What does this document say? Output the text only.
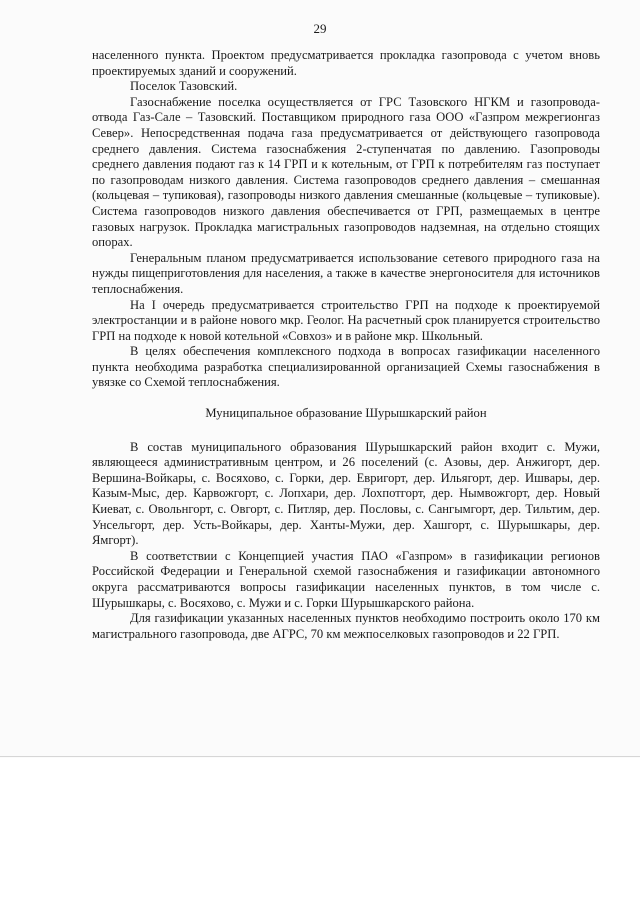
29

населенного пункта. Проектом предусматривается прокладка газопровода с учетом вновь проектируемых зданий и сооружений.

Поселок Тазовский.

Газоснабжение поселка осуществляется от ГРС Тазовского НГКМ и газопровода-отвода Газ-Сале – Тазовский. Поставщиком природного газа ООО «Газпром межрегионгаз Север». Непосредственная подача газа предусматривается от действующего газопровода среднего давления. Система газоснабжения 2-ступенчатая по давлению. Газопроводы среднего давления подают газ к 14 ГРП и к котельным, от ГРП к потребителям газ поступает по газопроводам низкого давления. Система газопроводов среднего давления – смешанная (кольцевая – тупиковая), газопроводы низкого давления смешанные (кольцевые – тупиковые). Система газопроводов низкого давления обеспечивается от ГРП, размещаемых в центре газовых нагрузок. Прокладка магистральных газопроводов надземная, на отдельно стоящих опорах.

Генеральным планом предусматривается использование сетевого природного газа на нужды пищеприготовления для населения, а также в качестве энергоносителя для источников теплоснабжения.

На I очередь предусматривается строительство ГРП на подходе к проектируемой электростанции и в районе нового мкр. Геолог. На расчетный срок планируется строительство ГРП на подходе к новой котельной «Совхоз» и в районе мкр. Школьный.

В целях обеспечения комплексного подхода в вопросах газификации населенного пункта необходима разработка специализированной организацией Схемы газоснабжения в увязке со Схемой теплоснабжения.

Муниципальное образование Шурышкарский район

В состав муниципального образования Шурышкарский район входит с. Мужи, являющееся административным центром, и 26 поселений (с. Азовы, дер. Анжигорт, дер. Вершина-Войкары, с. Восяхово, с. Горки, дер. Евригорт, дер. Ильягорт, дер. Ишвары, дер. Казым-Мыс, дер. Карвожгорт, с. Лопхари, дер. Лохпотгорт, дер. Нымвожгорт, дер. Новый Киеват, с. Овольнгорт, с. Овгорт, с. Питляр, дер. Пословы, с. Сангымгорт, дер. Тильтим, дер. Унсельгорт, дер. Усть-Войкары, дер. Ханты-Мужи, дер. Хашгорт, с. Шурышкары, дер. Ямгорт).

В соответствии с Концепцией участия ПАО «Газпром» в газификации регионов Российской Федерации и Генеральной схемой газоснабжения и газификации автономного округа рассматриваются вопросы газификации населенных пунктов, в том числе с. Шурышкары, с. Восяхово, с. Мужи и с. Горки Шурышкарского района.

Для газификации указанных населенных пунктов необходимо построить около 170 км магистрального газопровода, две АГРС, 70 км межпоселковых газопроводов и 22 ГРП.
